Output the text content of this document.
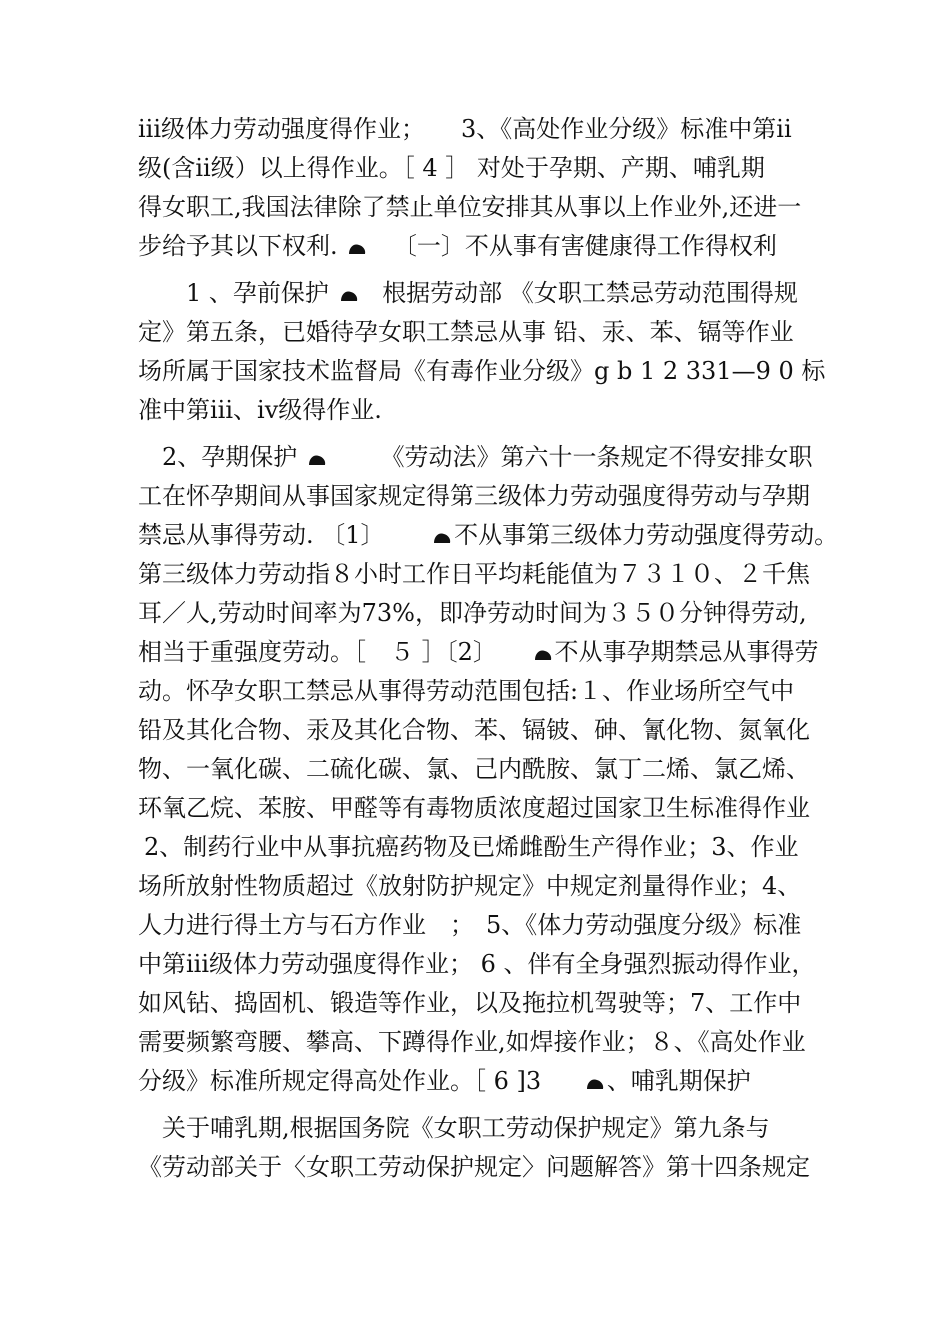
iii级体力劳动强度得作业；　　3、《高处作业分级》标准中第ii
级(含ii级）以上得作业。［ 4 ］ 对处于孕期、产期、哺乳期
得女职工,我国法律除了禁止单位安排其从事以上作业外,还进一
步给予其以下权利. 〔一〕不从事有害健康得工作得权利
1 、孕前保护 根据劳动部 《女职工禁忌劳动范围得规
定》第五条，已婚待孕女职工禁忌从事 铅、汞、苯、镉等作业
场所属于国家技术监督局《有毒作业分级》g b 1 2 331—9 0 标
准中第iii、iv级得作业.
2、孕期保护	《劳动法》第六十一条规定不得安排女职
工在怀孕期间从事国家规定得第三级体力劳动强度得劳动与孕期
禁忌从事得劳动. 〔1〕	不从事第三级体力劳动强度得劳动。
第三级体力劳动指８小时工作日平均耗能值为７３１０、２千焦
耳／人,劳动时间率为73%，即净劳动时间为３５０分钟得劳动,
相当于重强度劳动。［　５ ］〔2〕 不从事孕期禁忌从事得劳
动。怀孕女职工禁忌从事得劳动范围包括:１、作业场所空气中
铅及其化合物、汞及其化合物、苯、镉铍、砷、氰化物、氮氧化
物、一氧化碳、二硫化碳、氯、己内酰胺、氯丁二烯、氯乙烯、
环氧乙烷、苯胺、甲醛等有毒物质浓度超过国家卫生标准得作业
2、制药行业中从事抗癌药物及已烯雌酚生产得作业；3、作业
场所放射性物质超过《放射防护规定》中规定剂量得作业；4、
人力进行得土方与石方作业　；　5、《体力劳动强度分级》标准
中第iii级体力劳动强度得作业； 6 、伴有全身强烈振动得作业，
如风钻、捣固机、锻造等作业，以及拖拉机驾驶等；7、工作中
需要频繁弯腰、攀高、下蹲得作业,如焊接作业；８、《高处作业
分级》标准所规定得高处作业。［ 6 ]3	、哺乳期保护
关于哺乳期,根据国务院《女职工劳动保护规定》第九条与
《劳动部关于〈女职工劳动保护规定〉问题解答》第十四条规定
